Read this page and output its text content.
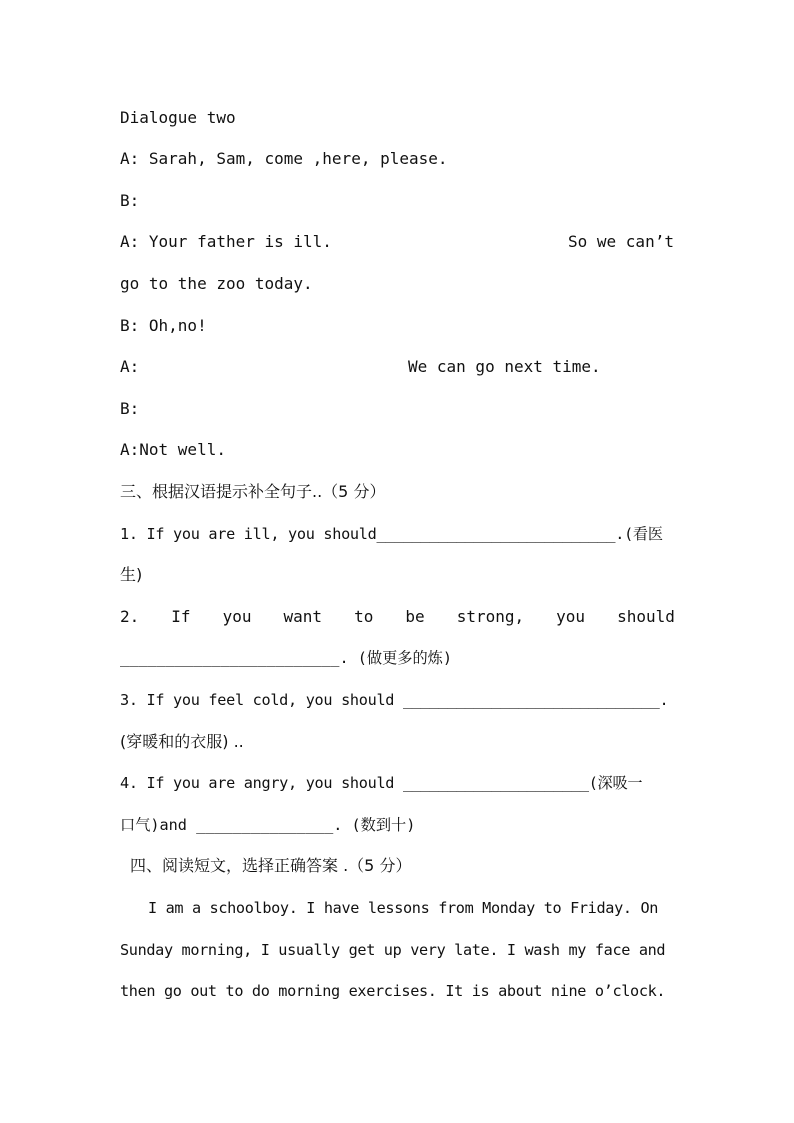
Dialogue two
A: Sarah, Sam, come ,here, please.
B:
A: Your father is ill.	So we can’t
go to the zoo today.
B: Oh,no!
A:	We can go next time.
B:
A:Not well.
三、根据汉语提示补全句子..（5 分）
1. If you are ill, you should___________________________.(看医
生)
2. If you want to be strong, you should
________________________. (做更多的炼)
3. If you feel cold, you should _____________________________.
(穿暖和的衣服) ..
4. If you are angry, you should _____________________(深吸一
口气)and _______________. (数到十)
四、阅读短文，选择正确答案 .（5 分）
I am a schoolboy. I have lessons from Monday to Friday. On
Sunday morning, I usually get up very late. I wash my face and
then go out to do morning exercises. It is about nine o’clock.
